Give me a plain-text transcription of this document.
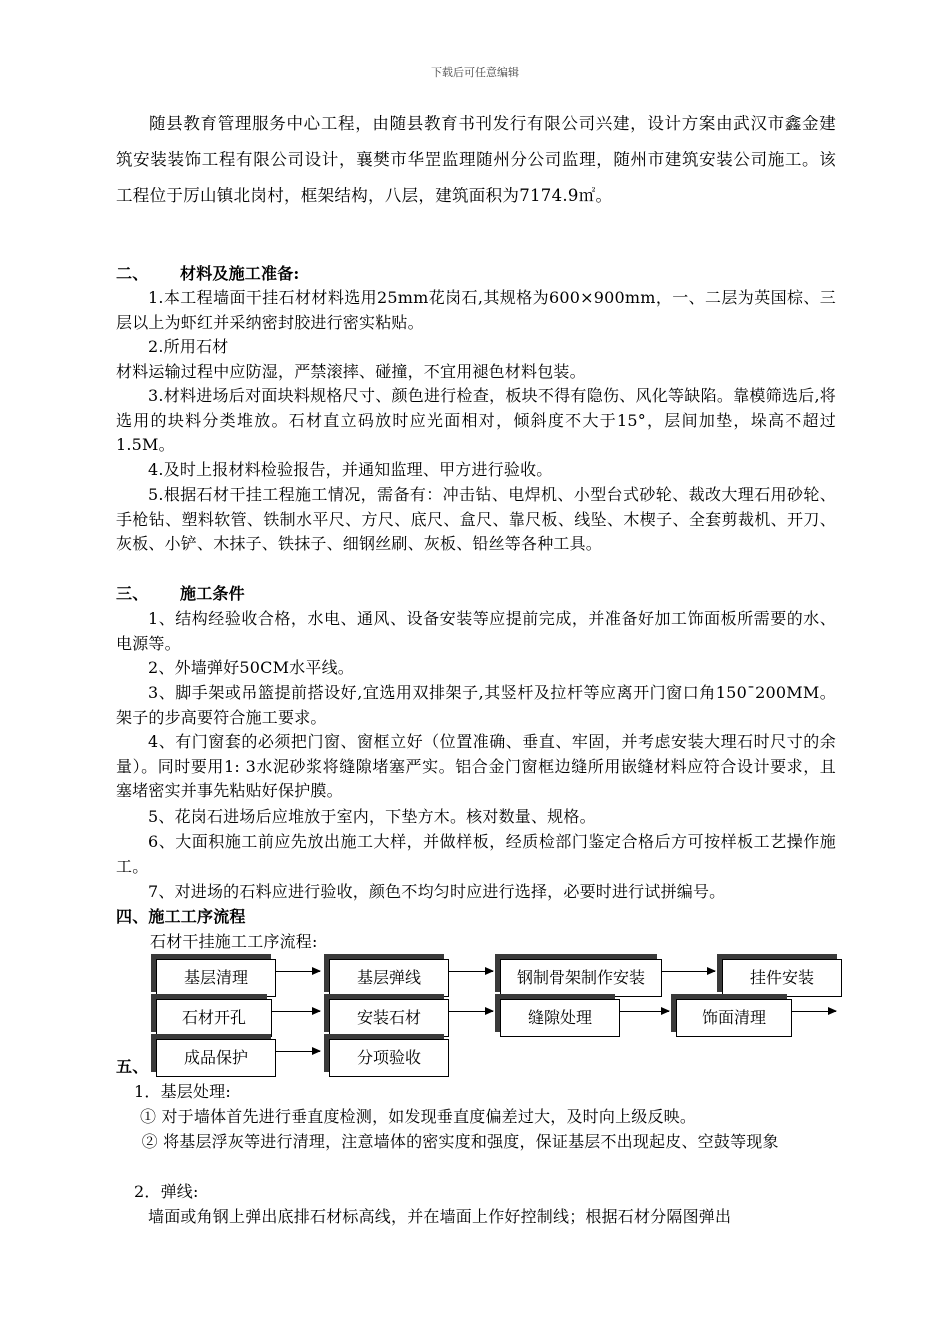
下载后可任意编辑

随县教育管理服务中心工程，由随县教育书刊发行有限公司兴建，设计方案由武汉市鑫金建筑安装装饰工程有限公司设计，襄樊市华罡监理随州分公司监理，随州市建筑安装公司施工。该工程位于厉山镇北岗村，框架结构，八层，建筑面积为7174.9㎡。

二、 材料及施工准备:

1.本工程墙面干挂石材材料选用25mm花岗石,其规格为600×900mm，一、二层为英国棕、三层以上为虾红并采纳密封胶进行密实粘贴。

2.所用石材

材料运输过程中应防湿，严禁滚摔、碰撞，不宜用褪色材料包装。

3.材料进场后对面块料规格尺寸、颜色进行检查，板块不得有隐伤、风化等缺陷。靠模筛选后,将选用的块料分类堆放。石材直立码放时应光面相对，倾斜度不大于15°，层间加垫，垛高不超过1.5M。

4.及时上报材料检验报告，并通知监理、甲方进行验收。

5.根据石材干挂工程施工情况，需备有：冲击钻、电焊机、小型台式砂轮、裁改大理石用砂轮、手枪钻、塑料软管、铁制水平尺、方尺、底尺、盒尺、靠尺板、线坠、木楔子、全套剪裁机、开刀、灰板、小铲、木抹子、铁抹子、细钢丝刷、灰板、铅丝等各种工具。

三、 施工条件

1、结构经验收合格，水电、通风、设备安装等应提前完成，并准备好加工饰面板所需要的水、电源等。

2、外墙弹好50CM水平线。

3、脚手架或吊篮提前搭设好,宜选用双排架子,其竖杆及拉杆等应离开门窗口角150¯200MM。架子的步高要符合施工要求。

4、有门窗套的必须把门窗、窗框立好（位置准确、垂直、牢固，并考虑安装大理石时尺寸的余量）。同时要用1: 3水泥砂浆将缝隙堵塞严实。铝合金门窗框边缝所用嵌缝材料应符合设计要求，且塞堵密实并事先粘贴好保护膜。

5、花岗石进场后应堆放于室内，下垫方木。核对数量、规格。

6、大面积施工前应先放出施工大样，并做样板，经质检部门鉴定合格后方可按样板工艺操作施工。

7、对进场的石料应进行验收，颜色不均匀时应进行选择，必要时进行试拼编号。

四、施工工序流程

石材干挂施工工序流程:

基层清理	基层弹线	钢制骨架制作安装	挂件安装
石材开孔	安装石材	缝隙处理	饰面清理
成品保护	分项验收

五、

1．基层处理:

① 对于墙体首先进行垂直度检测，如发现垂直度偏差过大，及时向上级反映。

② 将基层浮灰等进行清理，注意墙体的密实度和强度，保证基层不出现起皮、空鼓等现象

2．弹线:

墙面或角钢上弹出底排石材标高线，并在墙面上作好控制线；根据石材分隔图弹出
